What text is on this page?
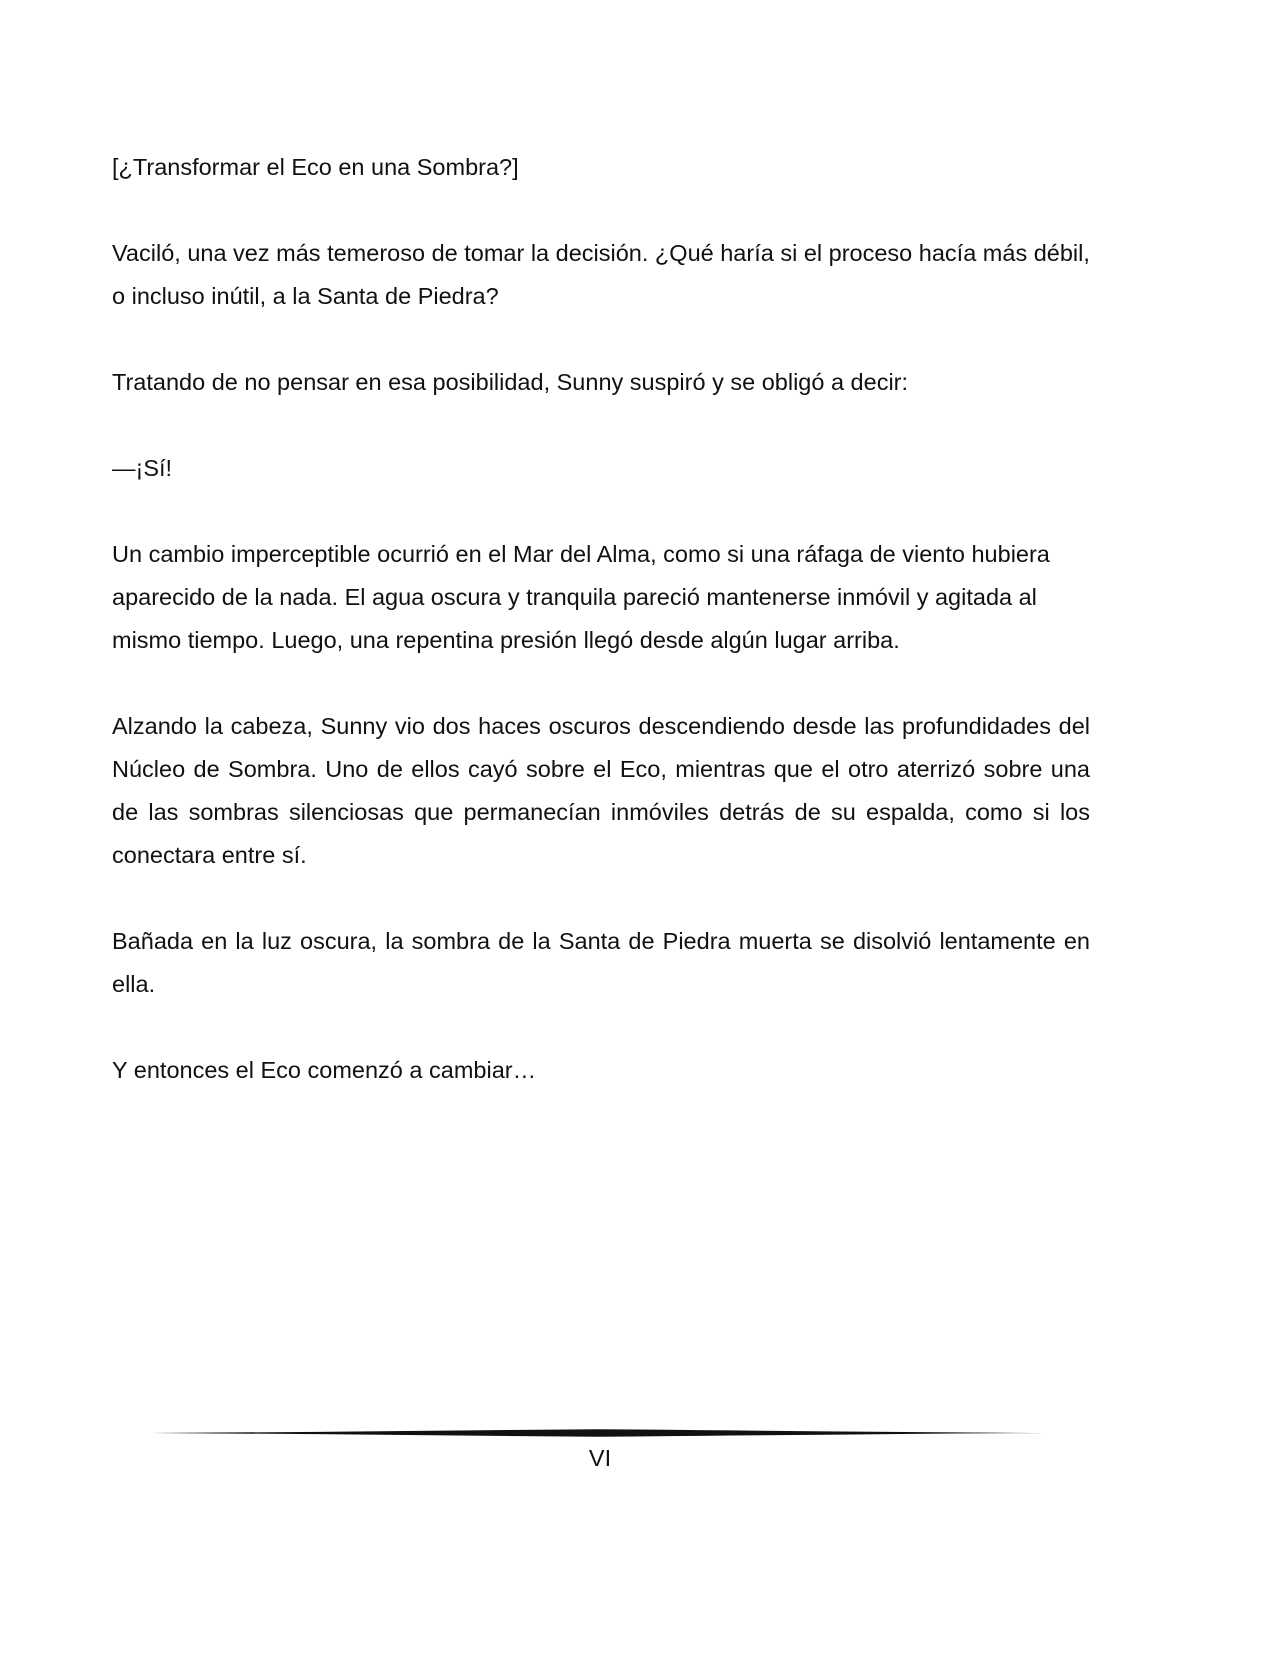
[¿Transformar el Eco en una Sombra?]

Vaciló, una vez más temeroso de tomar la decisión. ¿Qué haría si el proceso hacía más débil, o incluso inútil, a la Santa de Piedra?

Tratando de no pensar en esa posibilidad, Sunny suspiró y se obligó a decir:

—¡Sí!

Un cambio imperceptible ocurrió en el Mar del Alma, como si una ráfaga de viento hubiera aparecido de la nada. El agua oscura y tranquila pareció mantenerse inmóvil y agitada al mismo tiempo. Luego, una repentina presión llegó desde algún lugar arriba.

Alzando la cabeza, Sunny vio dos haces oscuros descendiendo desde las profundidades del Núcleo de Sombra. Uno de ellos cayó sobre el Eco, mientras que el otro aterrizó sobre una de las sombras silenciosas que permanecían inmóviles detrás de su espalda, como si los conectara entre sí.

Bañada en la luz oscura, la sombra de la Santa de Piedra muerta se disolvió lentamente en ella.

Y entonces el Eco comenzó a cambiar…

VI
